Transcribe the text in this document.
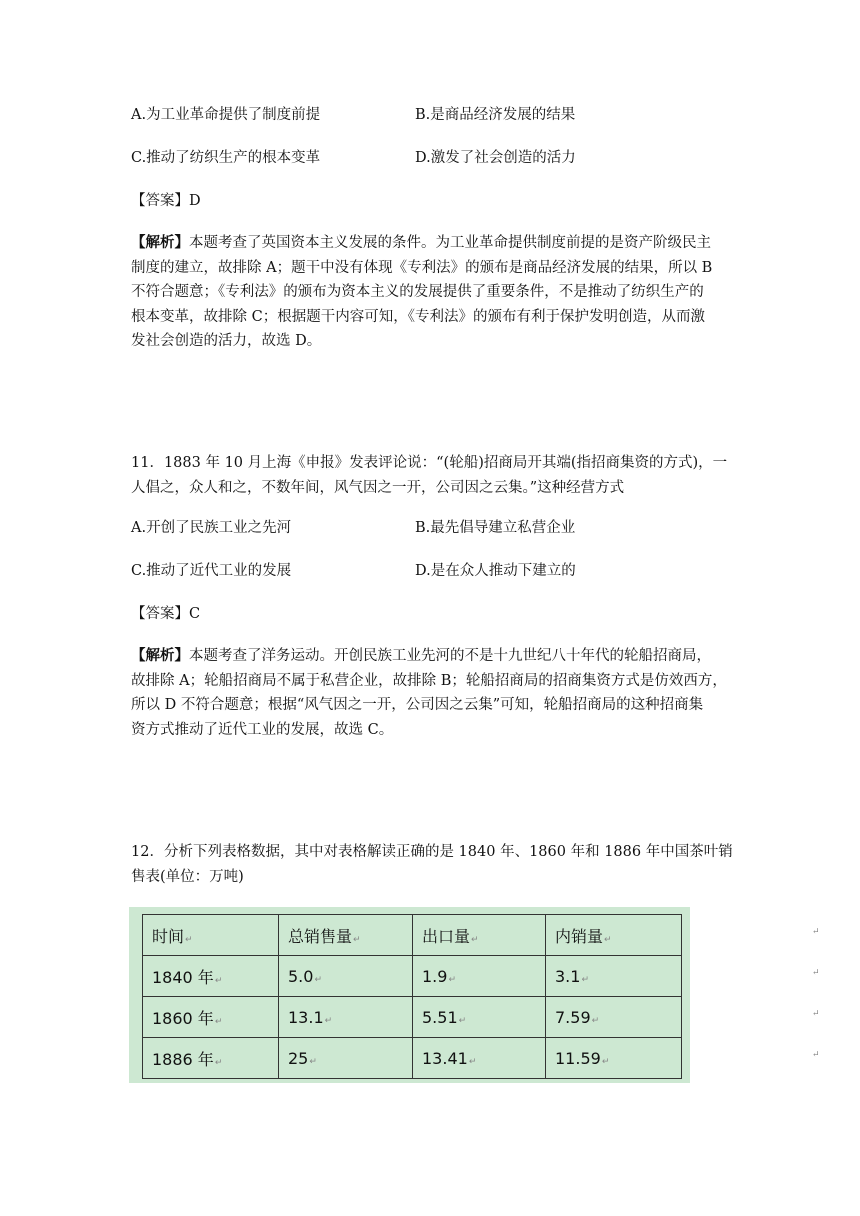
A.为工业革命提供了制度前提	B.是商品经济发展的结果
C.推动了纺织生产的根本变革	D.激发了社会创造的活力
【答案】D
【解析】本题考查了英国资本主义发展的条件。为工业革命提供制度前提的是资产阶级民主
制度的建立，故排除 A；题干中没有体现《专利法》的颁布是商品经济发展的结果，所以 B
不符合题意；《专利法》的颁布为资本主义的发展提供了重要条件，不是推动了纺织生产的
根本变革，故排除 C；根据题干内容可知，《专利法》的颁布有利于保护发明创造，从而激
发社会创造的活力，故选 D。
11．1883 年 10 月上海《申报》发表评论说：“(轮船)招商局开其端(指招商集资的方式)，一
人倡之，众人和之，不数年间，风气因之一开，公司因之云集。”这种经营方式
A.开创了民族工业之先河	B.最先倡导建立私营企业
C.推动了近代工业的发展	D.是在众人推动下建立的
【答案】C
【解析】本题考查了洋务运动。开创民族工业先河的不是十九世纪八十年代的轮船招商局，
故排除 A；轮船招商局不属于私营企业，故排除 B；轮船招商局的招商集资方式是仿效西方，
所以 D 不符合题意；根据“风气因之一开，公司因之云集”可知，轮船招商局的这种招商集
资方式推动了近代工业的发展，故选 C。
12．分析下列表格数据，其中对表格解读正确的是 1840 年、1860 年和 1886 年中国茶叶销
售表(单位：万吨)
时间↵	总销售量↵	出口量↵	内销量↵
1840 年↵	5.0↵	1.9↵	3.1↵
1860 年↵	13.1↵	5.51↵	7.59↵
1886 年↵	25↵	13.41↵	11.59↵
↵
↵
↵
↵
